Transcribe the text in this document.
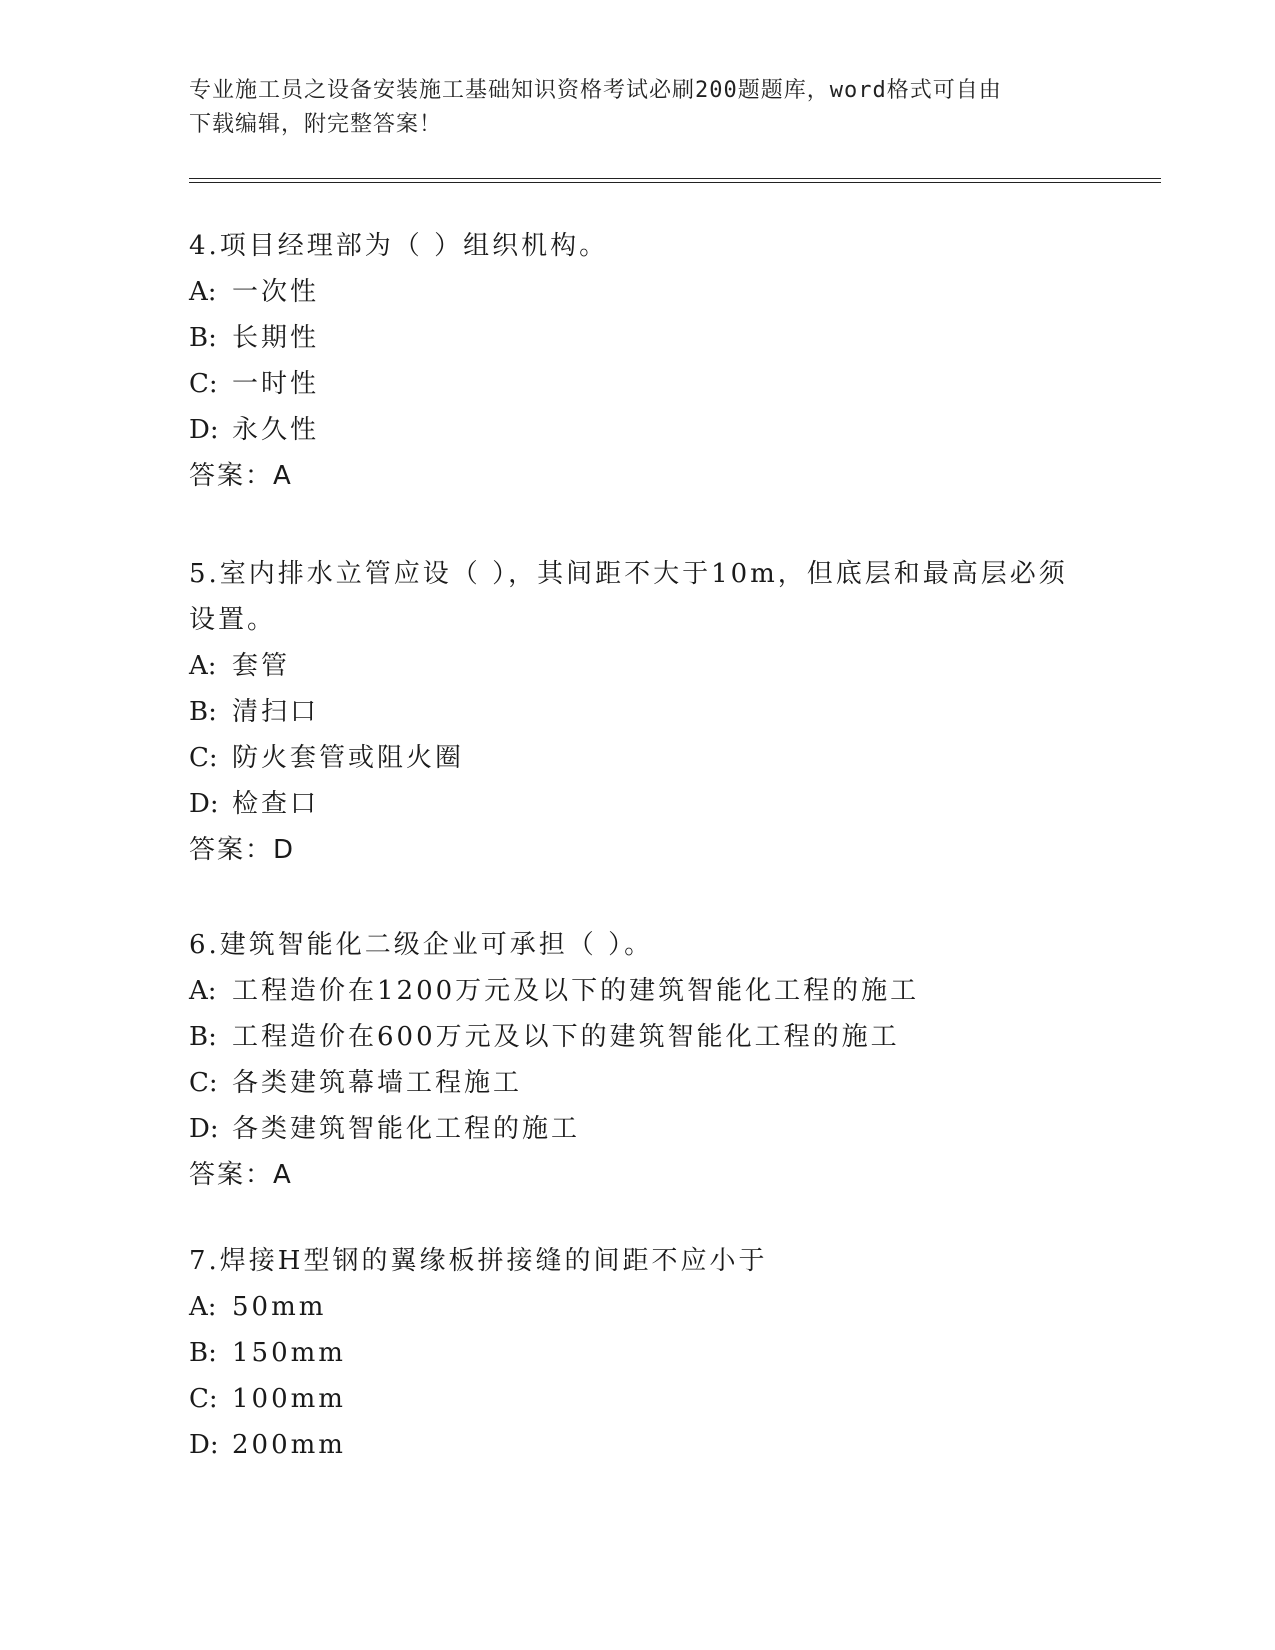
专业施工员之设备安装施工基础知识资格考试必刷200题题库，word格式可自由
下载编辑，附完整答案！
4.项目经理部为（ ）组织机构。
A: 一次性
B: 长期性
C: 一时性
D: 永久性
答案：A
5.室内排水立管应设（ ），其间距不大于10m，但底层和最高层必须
设置。
A: 套管
B: 清扫口
C: 防火套管或阻火圈
D: 检查口
答案：D
6.建筑智能化二级企业可承担（ ）。
A: 工程造价在1200万元及以下的建筑智能化工程的施工
B: 工程造价在600万元及以下的建筑智能化工程的施工
C: 各类建筑幕墙工程施工
D: 各类建筑智能化工程的施工
答案：A
7.焊接H型钢的翼缘板拼接缝的间距不应小于
A: 50mm
B: 150mm
C: 100mm
D: 200mm
